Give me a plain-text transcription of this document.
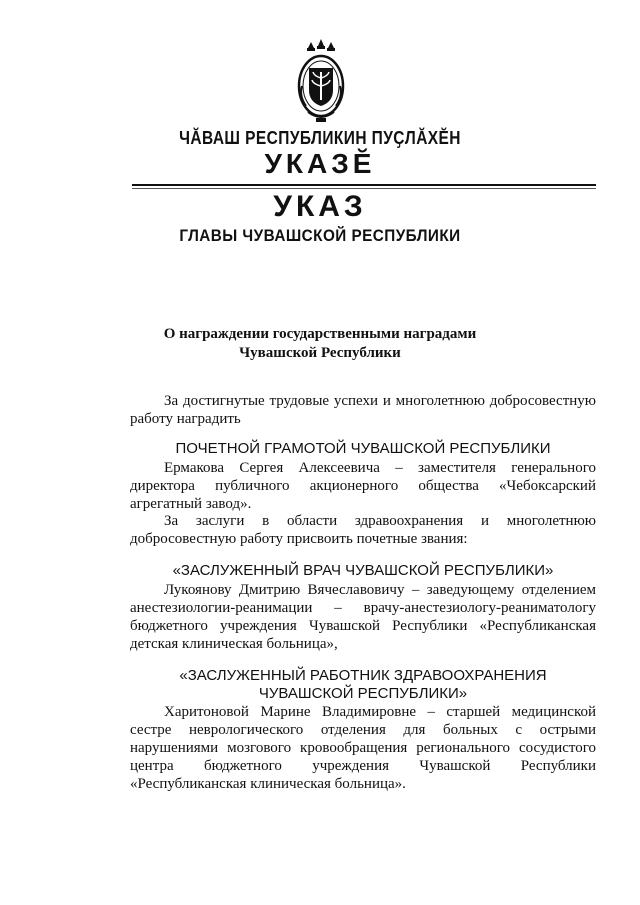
ЧӐВАШ РЕСПУБЛИКИН ПУҪЛӐХӖН
УКАЗӖ
УКАЗ
ГЛАВЫ ЧУВАШСКОЙ РЕСПУБЛИКИ
О награждении государственными наградами
Чувашской Республики
За достигнутые трудовые успехи и многолетнюю добросовестную работу наградить
ПОЧЕТНОЙ ГРАМОТОЙ ЧУВАШСКОЙ РЕСПУБЛИКИ
Ермакова Сергея Алексеевича – заместителя генерального директора публичного акционерного общества «Чебоксарский агрегатный завод».
За заслуги в области здравоохранения и многолетнюю добросовестную работу присвоить почетные звания:
«ЗАСЛУЖЕННЫЙ ВРАЧ ЧУВАШСКОЙ РЕСПУБЛИКИ»
Лукоянову Дмитрию Вячеславовичу – заведующему отделением анестезиологии-реанимации – врачу-анестезиологу-реаниматологу бюджетного учреждения Чувашской Республики «Республиканская детская клиническая больница»,
«ЗАСЛУЖЕННЫЙ РАБОТНИК ЗДРАВООХРАНЕНИЯ
ЧУВАШСКОЙ РЕСПУБЛИКИ»
Харитоновой Марине Владимировне – старшей медицинской сестре неврологического отделения для больных с острыми нарушениями мозгового кровообращения регионального сосудистого центра бюджетного учреждения Чувашской Республики «Республиканская клиническая больница».
